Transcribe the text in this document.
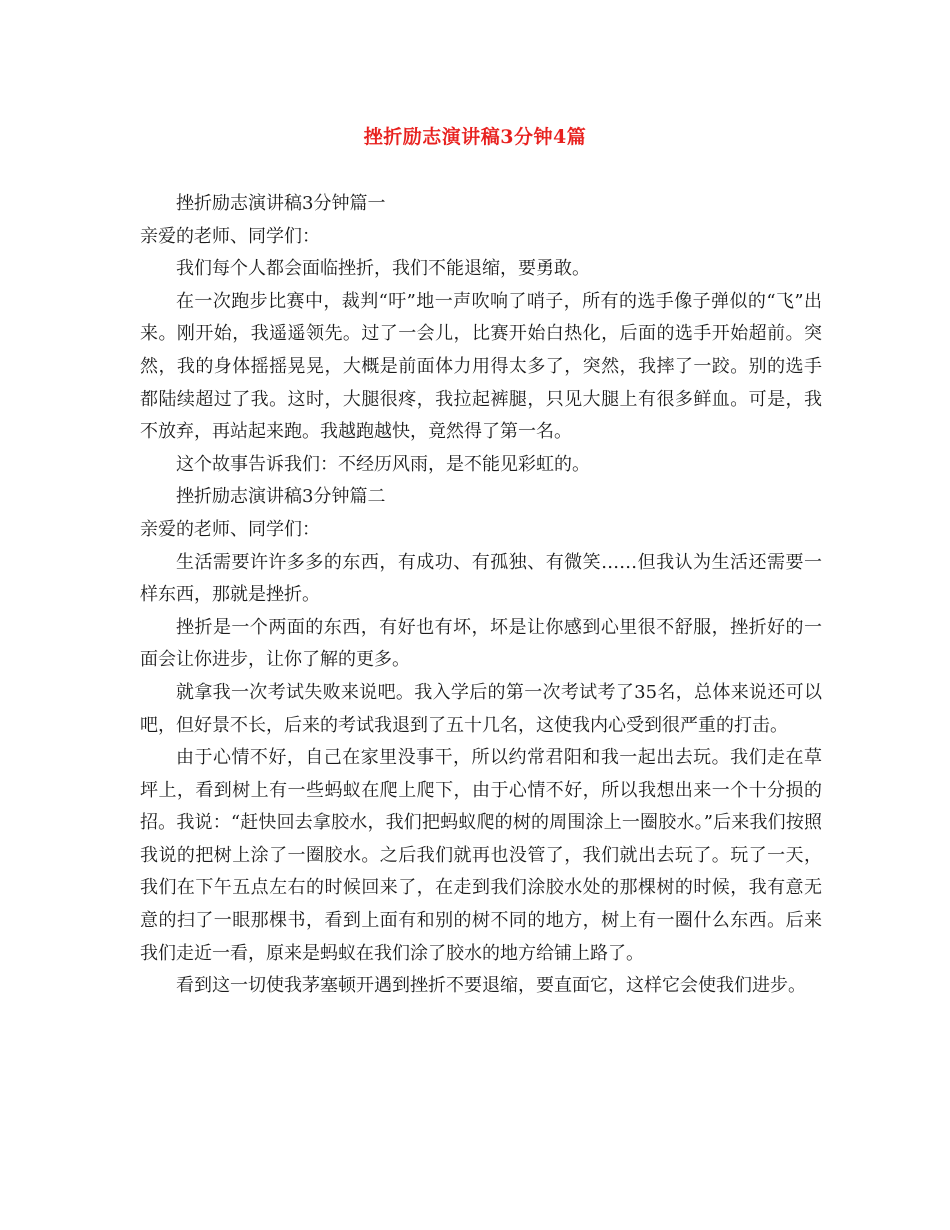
挫折励志演讲稿3分钟4篇

挫折励志演讲稿3分钟篇一

亲爱的老师、同学们：

我们每个人都会面临挫折，我们不能退缩，要勇敢。

在一次跑步比赛中，裁判“吁”地一声吹响了哨子，所有的选手像子弹似的“飞”出来。刚开始，我遥遥领先。过了一会儿，比赛开始白热化，后面的选手开始超前。突然，我的身体摇摇晃晃，大概是前面体力用得太多了，突然，我摔了一跤。别的选手都陆续超过了我。这时，大腿很疼，我拉起裤腿，只见大腿上有很多鲜血。可是，我不放弃，再站起来跑。我越跑越快，竟然得了第一名。

这个故事告诉我们：不经历风雨，是不能见彩虹的。

挫折励志演讲稿3分钟篇二

亲爱的老师、同学们：

生活需要许许多多的东西，有成功、有孤独、有微笑……但我认为生活还需要一样东西，那就是挫折。

挫折是一个两面的东西，有好也有坏，坏是让你感到心里很不舒服，挫折好的一面会让你进步，让你了解的更多。

就拿我一次考试失败来说吧。我入学后的第一次考试考了35名，总体来说还可以吧，但好景不长，后来的考试我退到了五十几名，这使我内心受到很严重的打击。

由于心情不好，自己在家里没事干，所以约常君阳和我一起出去玩。我们走在草坪上，看到树上有一些蚂蚁在爬上爬下，由于心情不好，所以我想出来一个十分损的招。我说：“赶快回去拿胶水，我们把蚂蚁爬的树的周围涂上一圈胶水。”后来我们按照我说的把树上涂了一圈胶水。之后我们就再也没管了，我们就出去玩了。玩了一天，我们在下午五点左右的时候回来了，在走到我们涂胶水处的那棵树的时候，我有意无意的扫了一眼那棵书，看到上面有和别的树不同的地方，树上有一圈什么东西。后来我们走近一看，原来是蚂蚁在我们涂了胶水的地方给铺上路了。

看到这一切使我茅塞顿开遇到挫折不要退缩，要直面它，这样它会使我们进步。
